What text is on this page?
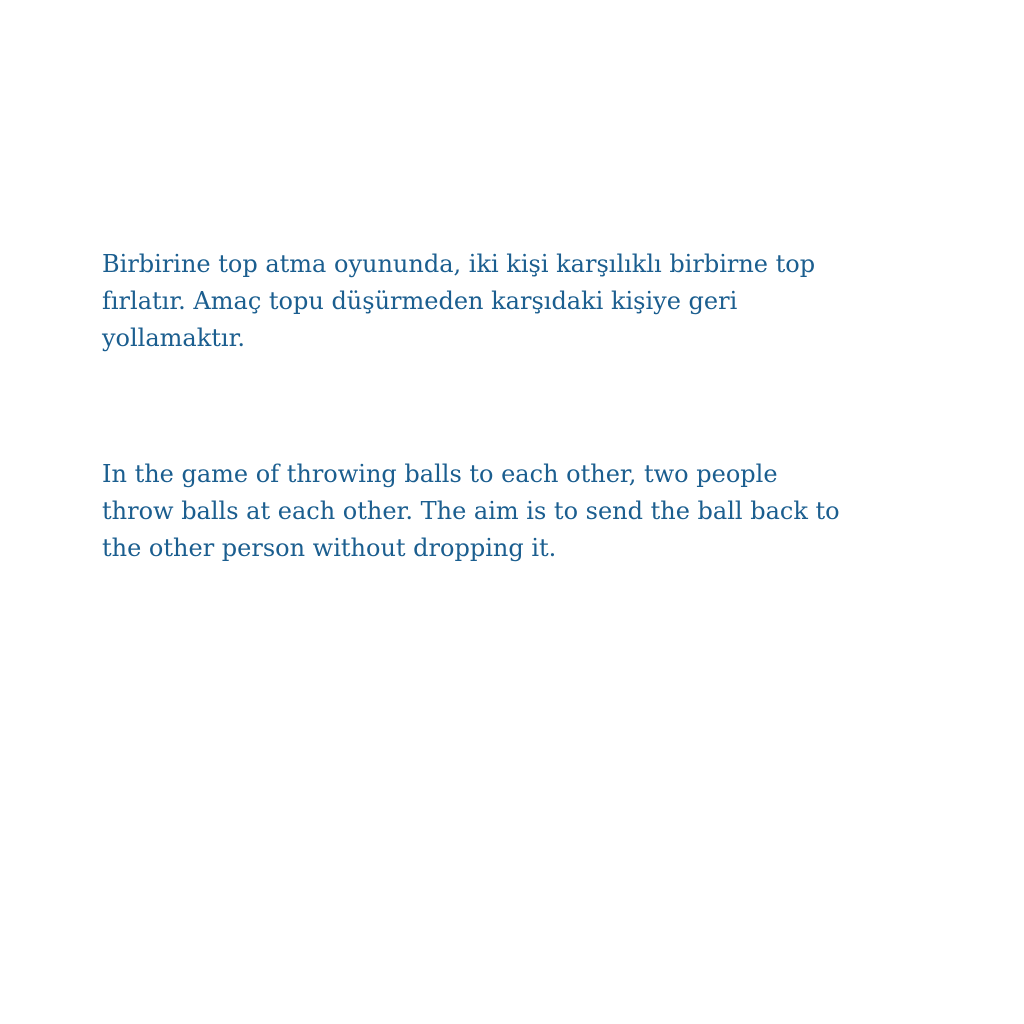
Birbirine top atma oyununda, iki kişi karşılıklı birbirne top
fırlatır. Amaç topu düşürmeden karşıdaki kişiye geri
yollamaktır.

In the game of throwing balls to each other, two people
throw balls at each other. The aim is to send the ball back to
the other person without dropping it.
